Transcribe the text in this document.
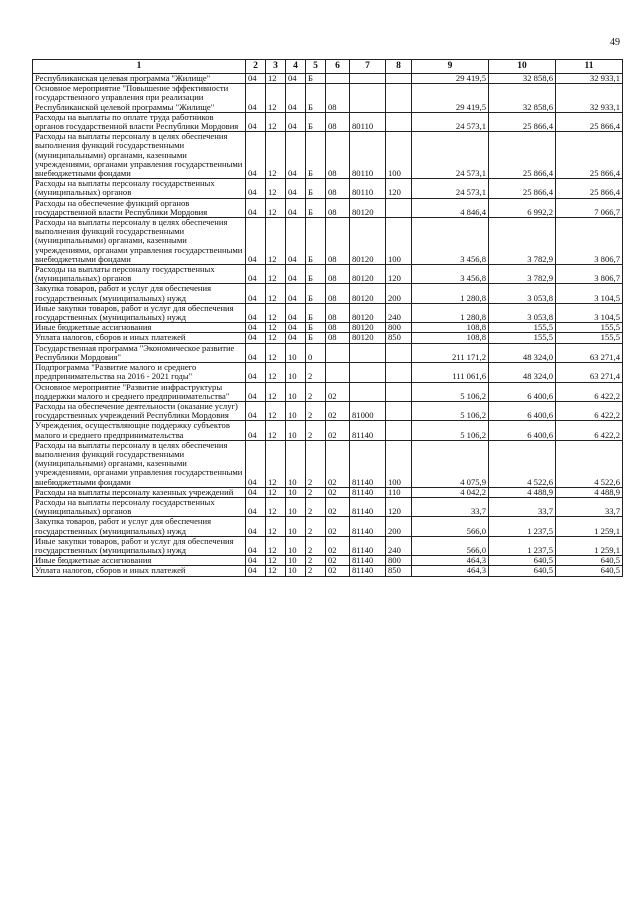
49
1	2	3	4	5	6	7	8	9	10	11
Республиканская целевая программа "Жилище"	04	12	04	Б				29 419,5	32 858,6	32 933,1
Основное мероприятие "Повышение эффективности государственного управления при реализации Республиканской целевой программы "Жилище"	04	12	04	Б	08			29 419,5	32 858,6	32 933,1
Расходы на выплаты по оплате труда работников органов государственной власти Республики Мордовия	04	12	04	Б	08	80110		24 573,1	25 866,4	25 866,4
Расходы на выплаты персоналу в целях обеспечения выполнения функций государственными (муниципальными) органами, казенными учреждениями, органами управления государственными внебюджетными фондами	04	12	04	Б	08	80110	100	24 573,1	25 866,4	25 866,4
Расходы на выплаты персоналу государственных (муниципальных) органов	04	12	04	Б	08	80110	120	24 573,1	25 866,4	25 866,4
Расходы на обеспечение функций органов государственной власти Республики Мордовия	04	12	04	Б	08	80120		4 846,4	6 992,2	7 066,7
Расходы на выплаты персоналу в целях обеспечения выполнения функций государственными (муниципальными) органами, казенными учреждениями, органами управления государственными внебюджетными фондами	04	12	04	Б	08	80120	100	3 456,8	3 782,9	3 806,7
Расходы на выплаты персоналу государственных (муниципальных) органов	04	12	04	Б	08	80120	120	3 456,8	3 782,9	3 806,7
Закупка товаров, работ и услуг для обеспечения государственных (муниципальных) нужд	04	12	04	Б	08	80120	200	1 280,8	3 053,8	3 104,5
Иные закупки товаров, работ и услуг для обеспечения государственных (муниципальных) нужд	04	12	04	Б	08	80120	240	1 280,8	3 053,8	3 104,5
Иные бюджетные ассигнования	04	12	04	Б	08	80120	800	108,8	155,5	155,5
Уплата налогов, сборов и иных платежей	04	12	04	Б	08	80120	850	108,8	155,5	155,5
Государственная программа "Экономическое развитие Республики Мордовия"	04	12	10	0				211 171,2	48 324,0	63 271,4
Подпрограмма "Развитие малого и среднего предпринимательства на 2016 - 2021 годы"	04	12	10	2				111 061,6	48 324,0	63 271,4
Основное мероприятие "Развитие инфраструктуры поддержки малого и среднего предпринимательства"	04	12	10	2	02			5 106,2	6 400,6	6 422,2
Расходы на обеспечение деятельности (оказание услуг) государственных учреждений Республики Мордовия	04	12	10	2	02	81000		5 106,2	6 400,6	6 422,2
Учреждения, осуществляющие поддержку субъектов малого и среднего предпринимательства	04	12	10	2	02	81140		5 106,2	6 400,6	6 422,2
Расходы на выплаты персоналу в целях обеспечения выполнения функций государственными (муниципальными) органами, казенными учреждениями, органами управления государственными внебюджетными фондами	04	12	10	2	02	81140	100	4 075,9	4 522,6	4 522,6
Расходы на выплаты персоналу казенных учреждений	04	12	10	2	02	81140	110	4 042,2	4 488,9	4 488,9
Расходы на выплаты персоналу государственных (муниципальных) органов	04	12	10	2	02	81140	120	33,7	33,7	33,7
Закупка товаров, работ и услуг для обеспечения государственных (муниципальных) нужд	04	12	10	2	02	81140	200	566,0	1 237,5	1 259,1
Иные закупки товаров, работ и услуг для обеспечения государственных (муниципальных) нужд	04	12	10	2	02	81140	240	566,0	1 237,5	1 259,1
Иные бюджетные ассигнования	04	12	10	2	02	81140	800	464,3	640,5	640,5
Уплата налогов, сборов и иных платежей	04	12	10	2	02	81140	850	464,3	640,5	640,5
